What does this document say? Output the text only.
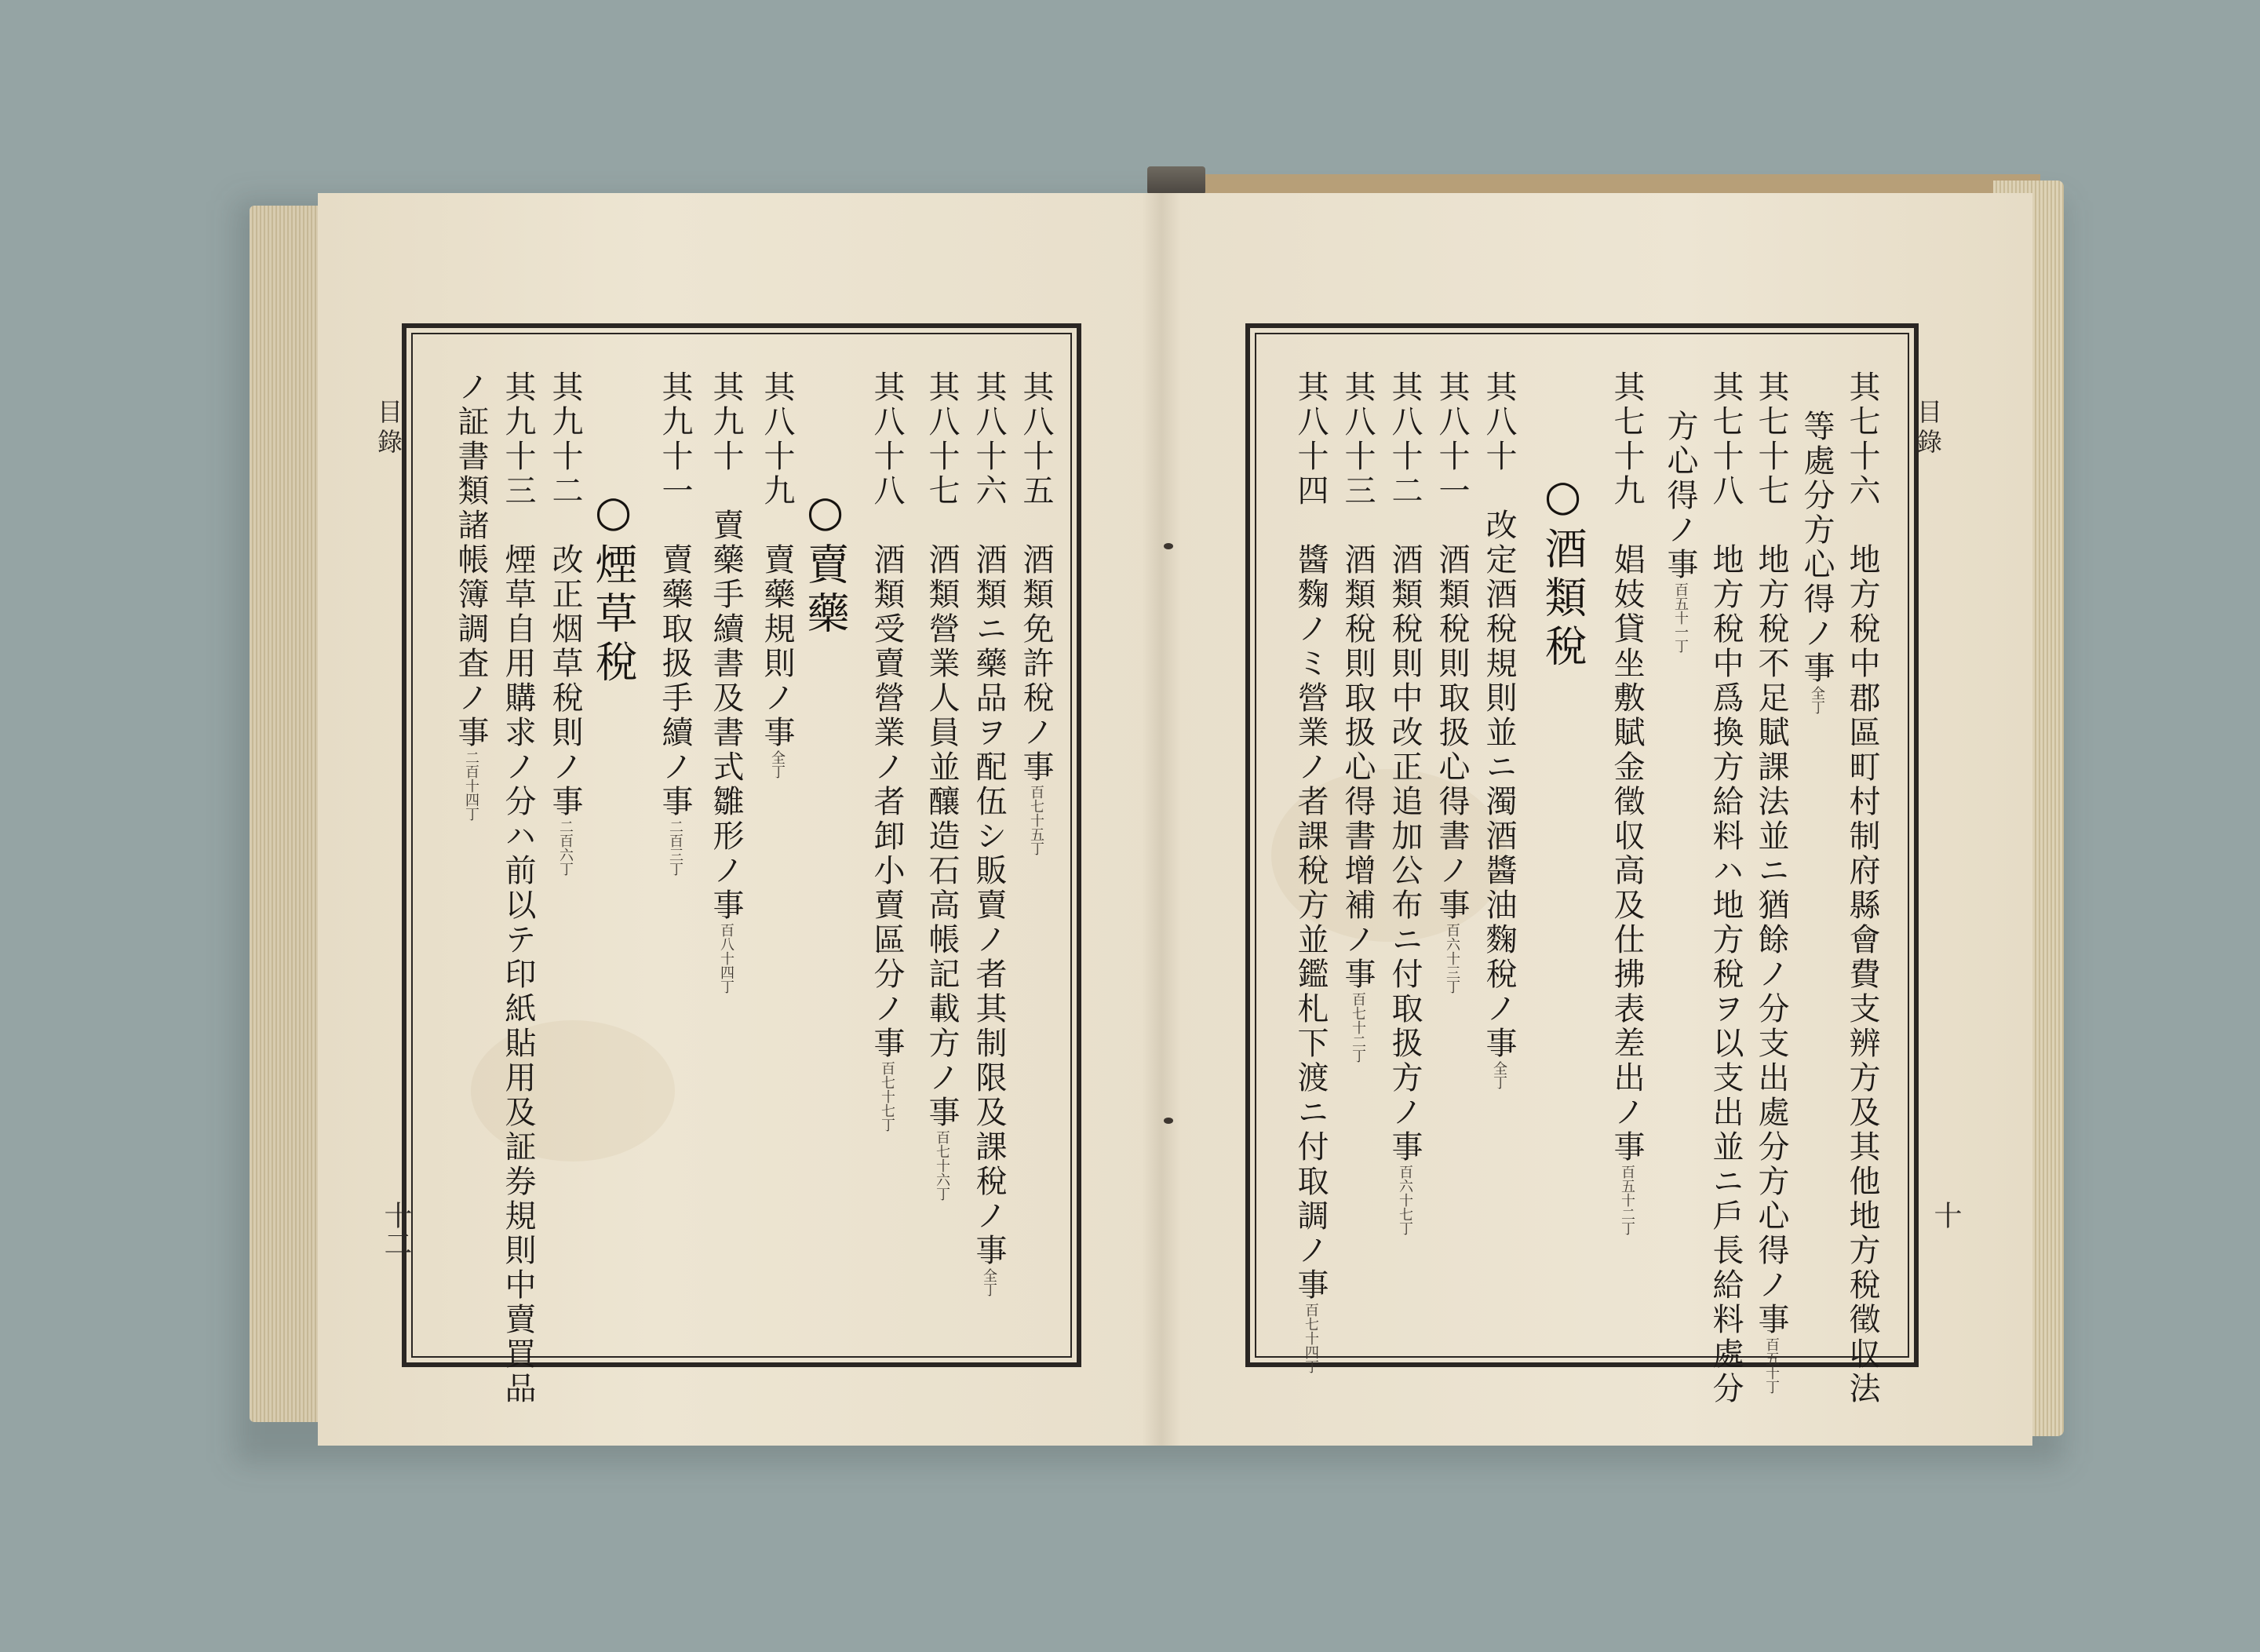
目錄
十
其七十六　地方稅中郡區町村制府縣會費支辨方及其他地方稅徵収法
等處分方心得ノ事全丁
其七十七　地方稅不足賦課法並ニ猶餘ノ分支出處分方心得ノ事百五十丁
其七十八　地方稅中爲換方給料ハ地方稅ヲ以支出並ニ戶長給料處分
方心得ノ事百五十一丁
其七十九　娼妓貸坐敷賦金徵収高及仕拂表差出ノ事百五十二丁
○酒類稅
其八十　改定酒稅規則並ニ濁酒醬油麴稅ノ事全丁
其八十一　酒類稅則取扱心得書ノ事百六十三丁
其八十二　酒類稅則中改正追加公布ニ付取扱方ノ事百六十七丁
其八十三　酒類稅則取扱心得書增補ノ事百七十二丁
其八十四　醬麴ノミ營業ノ者課稅方並鑑札下渡ニ付取調ノ事百七十四丁
目錄
十二
其八十五　酒類免許稅ノ事百七十五丁
其八十六　酒類ニ藥品ヲ配伍シ販賣ノ者其制限及課稅ノ事全丁
其八十七　酒類營業人員並釀造石高帳記載方ノ事百七十六丁
其八十八　酒類受賣營業ノ者卸小賣區分ノ事百七十七丁
○賣藥
其八十九　賣藥規則ノ事全丁
其九十　賣藥手續書及書式雛形ノ事百八十四丁
其九十一　賣藥取扱手續ノ事二百三丁
○煙草稅
其九十二　改正烟草稅則ノ事二百六丁
其九十三　煙草自用購求ノ分ハ前以テ印紙貼用及証券規則中賣買品
ノ証書類諸帳簿調査ノ事二百十四丁
